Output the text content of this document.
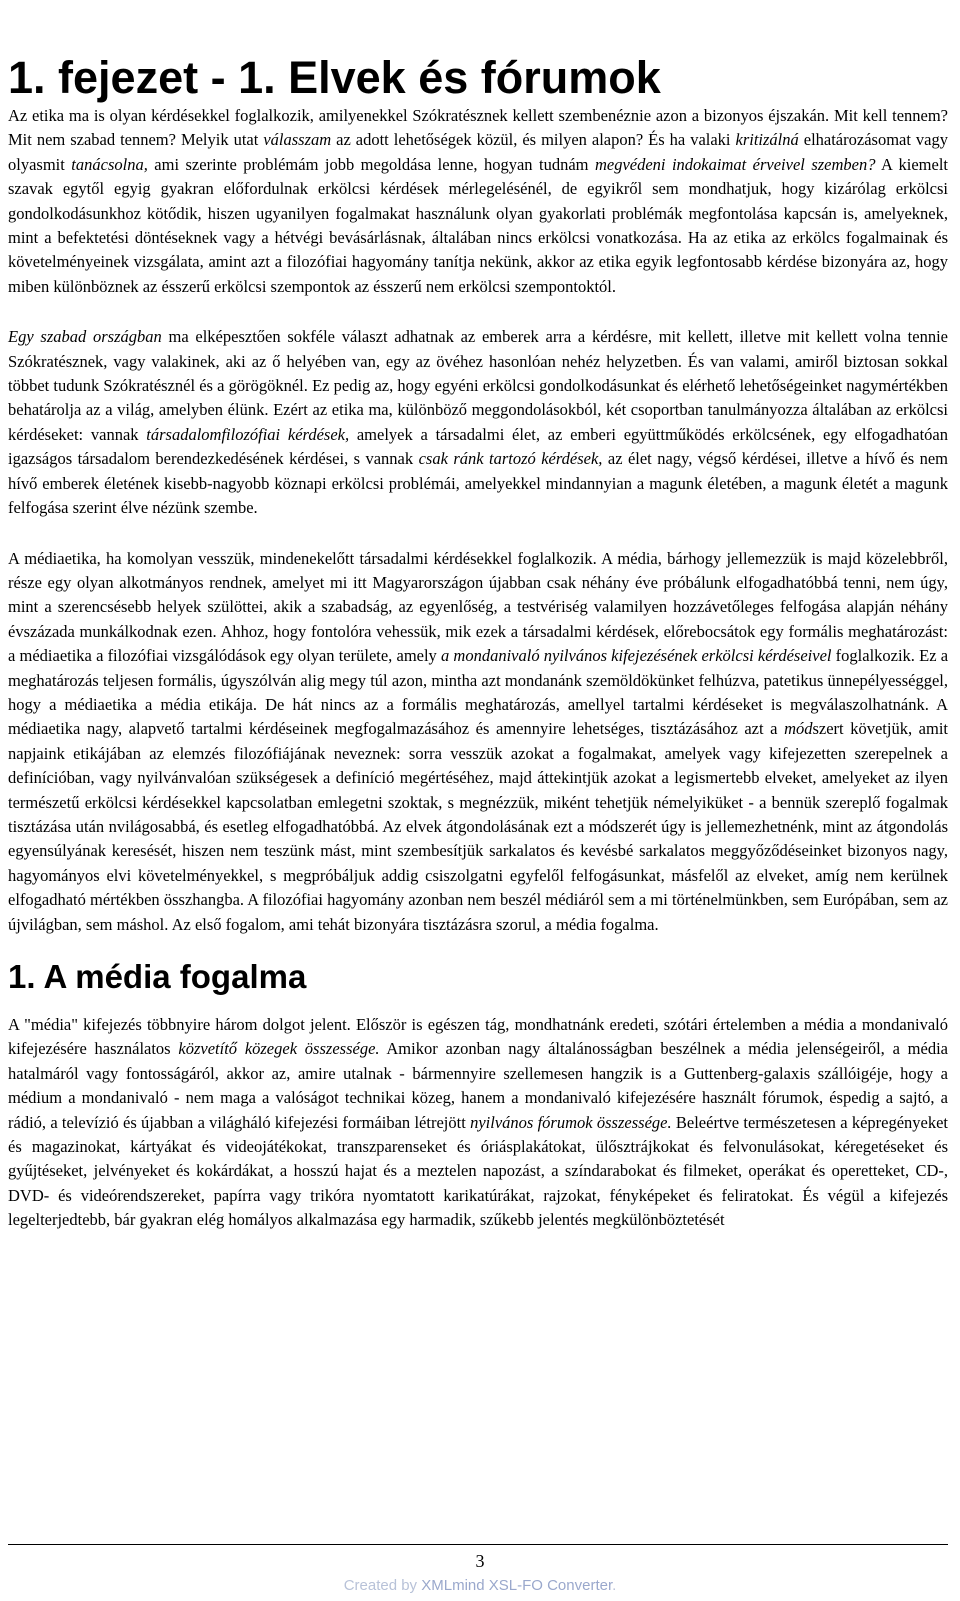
1. fejezet - 1. Elvek és fórumok

Az etika ma is olyan kérdésekkel foglalkozik, amilyenekkel Szókratésznek kellett szembenéznie azon a bizonyos éjszakán. Mit kell tennem? Mit nem szabad tennem? Melyik utat válasszam az adott lehetőségek közül, és milyen alapon? És ha valaki kritizálná elhatározásomat vagy olyasmit tanácsolna, ami szerinte problémám jobb megoldása lenne, hogyan tudnám megvédeni indokaimat érveivel szemben? A kiemelt szavak egytől egyig gyakran előfordulnak erkölcsi kérdések mérlegelésénél, de egyikről sem mondhatjuk, hogy kizárólag erkölcsi gondolkodásunkhoz kötődik, hiszen ugyanilyen fogalmakat használunk olyan gyakorlati problémák megfontolása kapcsán is, amelyeknek, mint a befektetési döntéseknek vagy a hétvégi bevásárlásnak, általában nincs erkölcsi vonatkozása. Ha az etika az erkölcs fogalmainak és követelményeinek vizsgálata, amint azt a filozófiai hagyomány tanítja nekünk, akkor az etika egyik legfontosabb kérdése bizonyára az, hogy miben különböznek az ésszerű erkölcsi szempontok az ésszerű nem erkölcsi szempontoktól.

Egy szabad országban ma elképesztően sokféle választ adhatnak az emberek arra a kérdésre, mit kellett, illetve mit kellett volna tennie Szókratésznek, vagy valakinek, aki az ő helyében van, egy az övéhez hasonlóan nehéz helyzetben. És van valami, amiről biztosan sokkal többet tudunk Szókratésznél és a görögöknél. Ez pedig az, hogy egyéni erkölcsi gondolkodásunkat és elérhető lehetőségeinket nagymértékben behatárolja az a világ, amelyben élünk. Ezért az etika ma, különböző meggondolásokból, két csoportban tanulmányozza általában az erkölcsi kérdéseket: vannak társadalomfilozófiai kérdések, amelyek a társadalmi élet, az emberi együttműködés erkölcsének, egy elfogadhatóan igazságos társadalom berendezkedésének kérdései, s vannak csak ránk tartozó kérdések, az élet nagy, végső kérdései, illetve a hívő és nem hívő emberek életének kisebb-nagyobb köznapi erkölcsi problémái, amelyekkel mindannyian a magunk életében, a magunk életét a magunk felfogása szerint élve nézünk szembe.

A médiaetika, ha komolyan vesszük, mindenekelőtt társadalmi kérdésekkel foglalkozik. A média, bárhogy jellemezzük is majd közelebbről, része egy olyan alkotmányos rendnek, amelyet mi itt Magyarországon újabban csak néhány éve próbálunk elfogadhatóbbá tenni, nem úgy, mint a szerencsésebb helyek szülöttei, akik a szabadság, az egyenlőség, a testvériség valamilyen hozzávetőleges felfogása alapján néhány évszázada munkálkodnak ezen. Ahhoz, hogy fontolóra vehessük, mik ezek a társadalmi kérdések, előrebocsátok egy formális meghatározást: a médiaetika a filozófiai vizsgálódások egy olyan területe, amely a mondanivaló nyilvános kifejezésének erkölcsi kérdéseivel foglalkozik. Ez a meghatározás teljesen formális, úgyszólván alig megy túl azon, mintha azt mondanánk szemöldökünket felhúzva, patetikus ünnepélyességgel, hogy a médiaetika a média etikája. De hát nincs az a formális meghatározás, amellyel tartalmi kérdéseket is megválaszolhatnánk. A médiaetika nagy, alapvető tartalmi kérdéseinek megfogalmazásához és amennyire lehetséges, tisztázásához azt a módszert követjük, amit napjaink etikájában az elemzés filozófiájának neveznek: sorra vesszük azokat a fogalmakat, amelyek vagy kifejezetten szerepelnek a definícióban, vagy nyilvánvalóan szükségesek a definíció megértéséhez, majd áttekintjük azokat a legismertebb elveket, amelyeket az ilyen természetű erkölcsi kérdésekkel kapcsolatban emlegetni szoktak, s megnézzük, miként tehetjük némelyiküket - a bennük szereplő fogalmak tisztázása után nvilágosabbá, és esetleg elfogadhatóbbá. Az elvek átgondolásának ezt a módszerét úgy is jellemezhetnénk, mint az átgondolás egyensúlyának keresését, hiszen nem teszünk mást, mint szembesítjük sarkalatos és kevésbé sarkalatos meggyőződéseinket bizonyos nagy, hagyományos elvi követelményekkel, s megpróbáljuk addig csiszolgatni egyfelől felfogásunkat, másfelől az elveket, amíg nem kerülnek elfogadható mértékben összhangba. A filozófiai hagyomány azonban nem beszél médiáról sem a mi történelmünkben, sem Európában, sem az újvilágban, sem máshol. Az első fogalom, ami tehát bizonyára tisztázásra szorul, a média fogalma.

1. A média fogalma

A "média" kifejezés többnyire három dolgot jelent. Először is egészen tág, mondhatnánk eredeti, szótári értelemben a média a mondanivaló kifejezésére használatos közvetítő közegek összessége. Amikor azonban nagy általánosságban beszélnek a média jelenségeiről, a média hatalmáról vagy fontosságáról, akkor az, amire utalnak - bármennyire szellemesen hangzik is a Guttenberg-galaxis szállóigéje, hogy a médium a mondanivaló - nem maga a valóságot technikai közeg, hanem a mondanivaló kifejezésére használt fórumok, éspedig a sajtó, a rádió, a televízió és újabban a világháló kifejezési formáiban létrejött nyilvános fórumok összessége. Beleértve természetesen a képregényeket és magazinokat, kártyákat és videojátékokat, transzparenseket és óriásplakátokat, ülősztrájkokat és felvonulásokat, kéregetéseket és gyűjtéseket, jelvényeket és kokárdákat, a hosszú hajat és a meztelen napozást, a színdarabokat és filmeket, operákat és operetteket, CD-, DVD- és videórendszereket, papírra vagy trikóra nyomtatott karikatúrákat, rajzokat, fényképeket és feliratokat. És végül a kifejezés legelterjedtebb, bár gyakran elég homályos alkalmazása egy harmadik, szűkebb jelentés megkülönböztetését

3
Created by XMLmind XSL-FO Converter.
